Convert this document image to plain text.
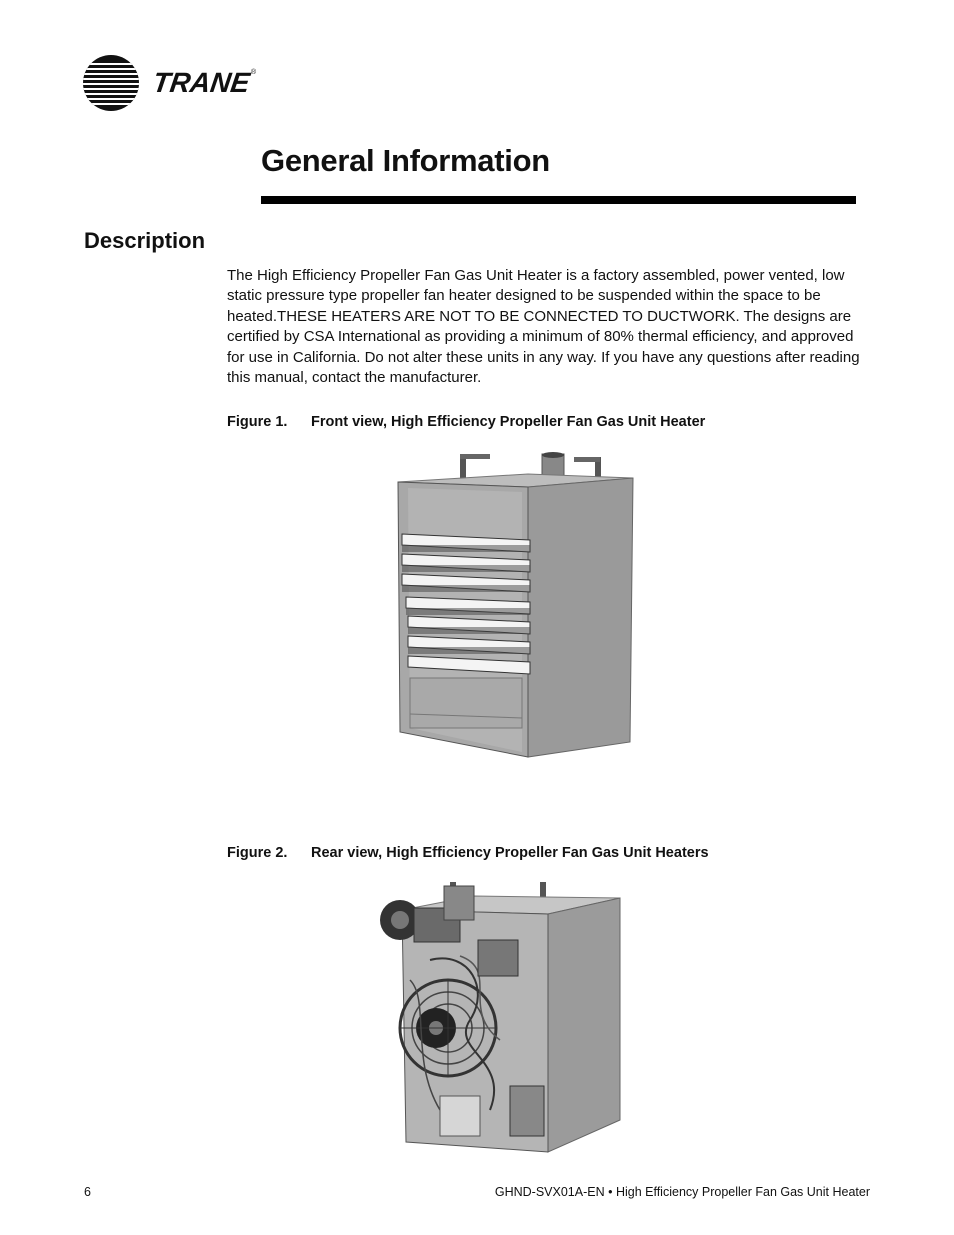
TRANE ®
General Information
Description

The High Efficiency Propeller Fan Gas Unit Heater is a factory assembled, power vented, low static pressure type propeller fan heater designed to be suspended within the space to be heated.THESE HEATERS ARE NOT TO BE CONNECTED TO DUCTWORK. The designs are certified by CSA International as providing a minimum of 80% thermal efficiency, and approved for use in California. Do not alter these units in any way. If you have any questions after reading this manual, contact the manufacturer.

Figure 1. Front view, High Efficiency Propeller Fan Gas Unit Heater
Figure 2. Rear view, High Efficiency Propeller Fan Gas Unit Heaters
6	GHND-SVX01A-EN • High Efficiency Propeller Fan Gas Unit Heater
